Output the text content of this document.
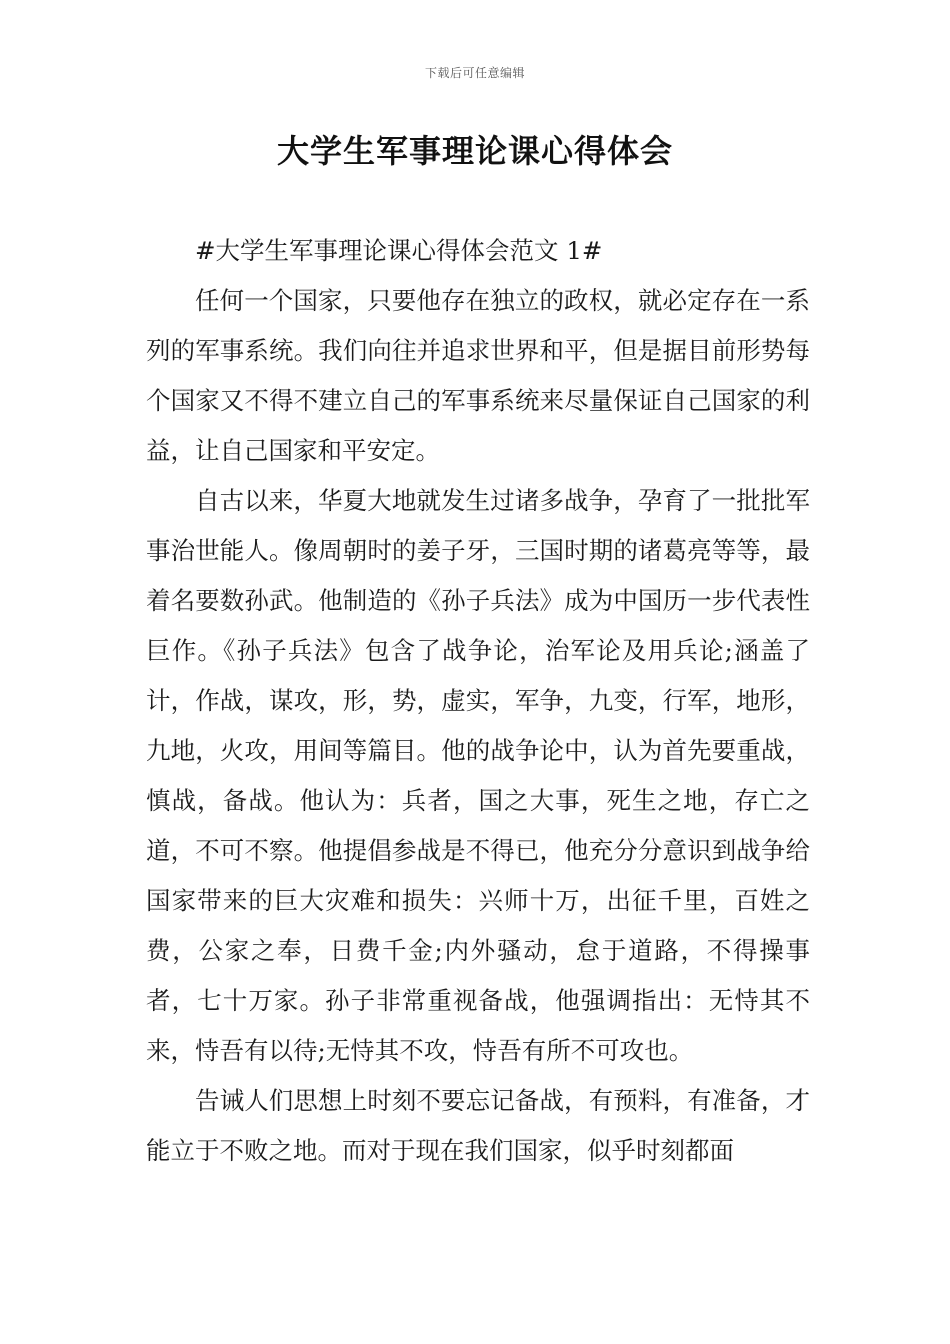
下载后可任意编辑
大学生军事理论课心得体会

#大学生军事理论课心得体会范文 1#

任何一个国家，只要他存在独立的政权，就必定存在一系列的军事系统。我们向往并追求世界和平，但是据目前形势每个国家又不得不建立自己的军事系统来尽量保证自己国家的利益，让自己国家和平安定。

自古以来，华夏大地就发生过诸多战争，孕育了一批批军事治世能人。像周朝时的姜子牙，三国时期的诸葛亮等等，最着名要数孙武。他制造的《孙子兵法》成为中国历一步代表性巨作。《孙子兵法》包含了战争论，治军论及用兵论;涵盖了计，作战，谋攻，形，势，虚实，军争，九变，行军，地形，九地，火攻，用间等篇目。他的战争论中，认为首先要重战，慎战，备战。他认为：兵者，国之大事，死生之地，存亡之道，不可不察。他提倡参战是不得已，他充分分意识到战争给国家带来的巨大灾难和损失：兴师十万，出征千里，百姓之费，公家之奉，日费千金;内外骚动，怠于道路，不得操事者，七十万家。孙子非常重视备战，他强调指出：无恃其不来，恃吾有以待;无恃其不攻，恃吾有所不可攻也。

告诫人们思想上时刻不要忘记备战，有预料，有准备，才能立于不败之地。而对于现在我们国家，似乎时刻都面
